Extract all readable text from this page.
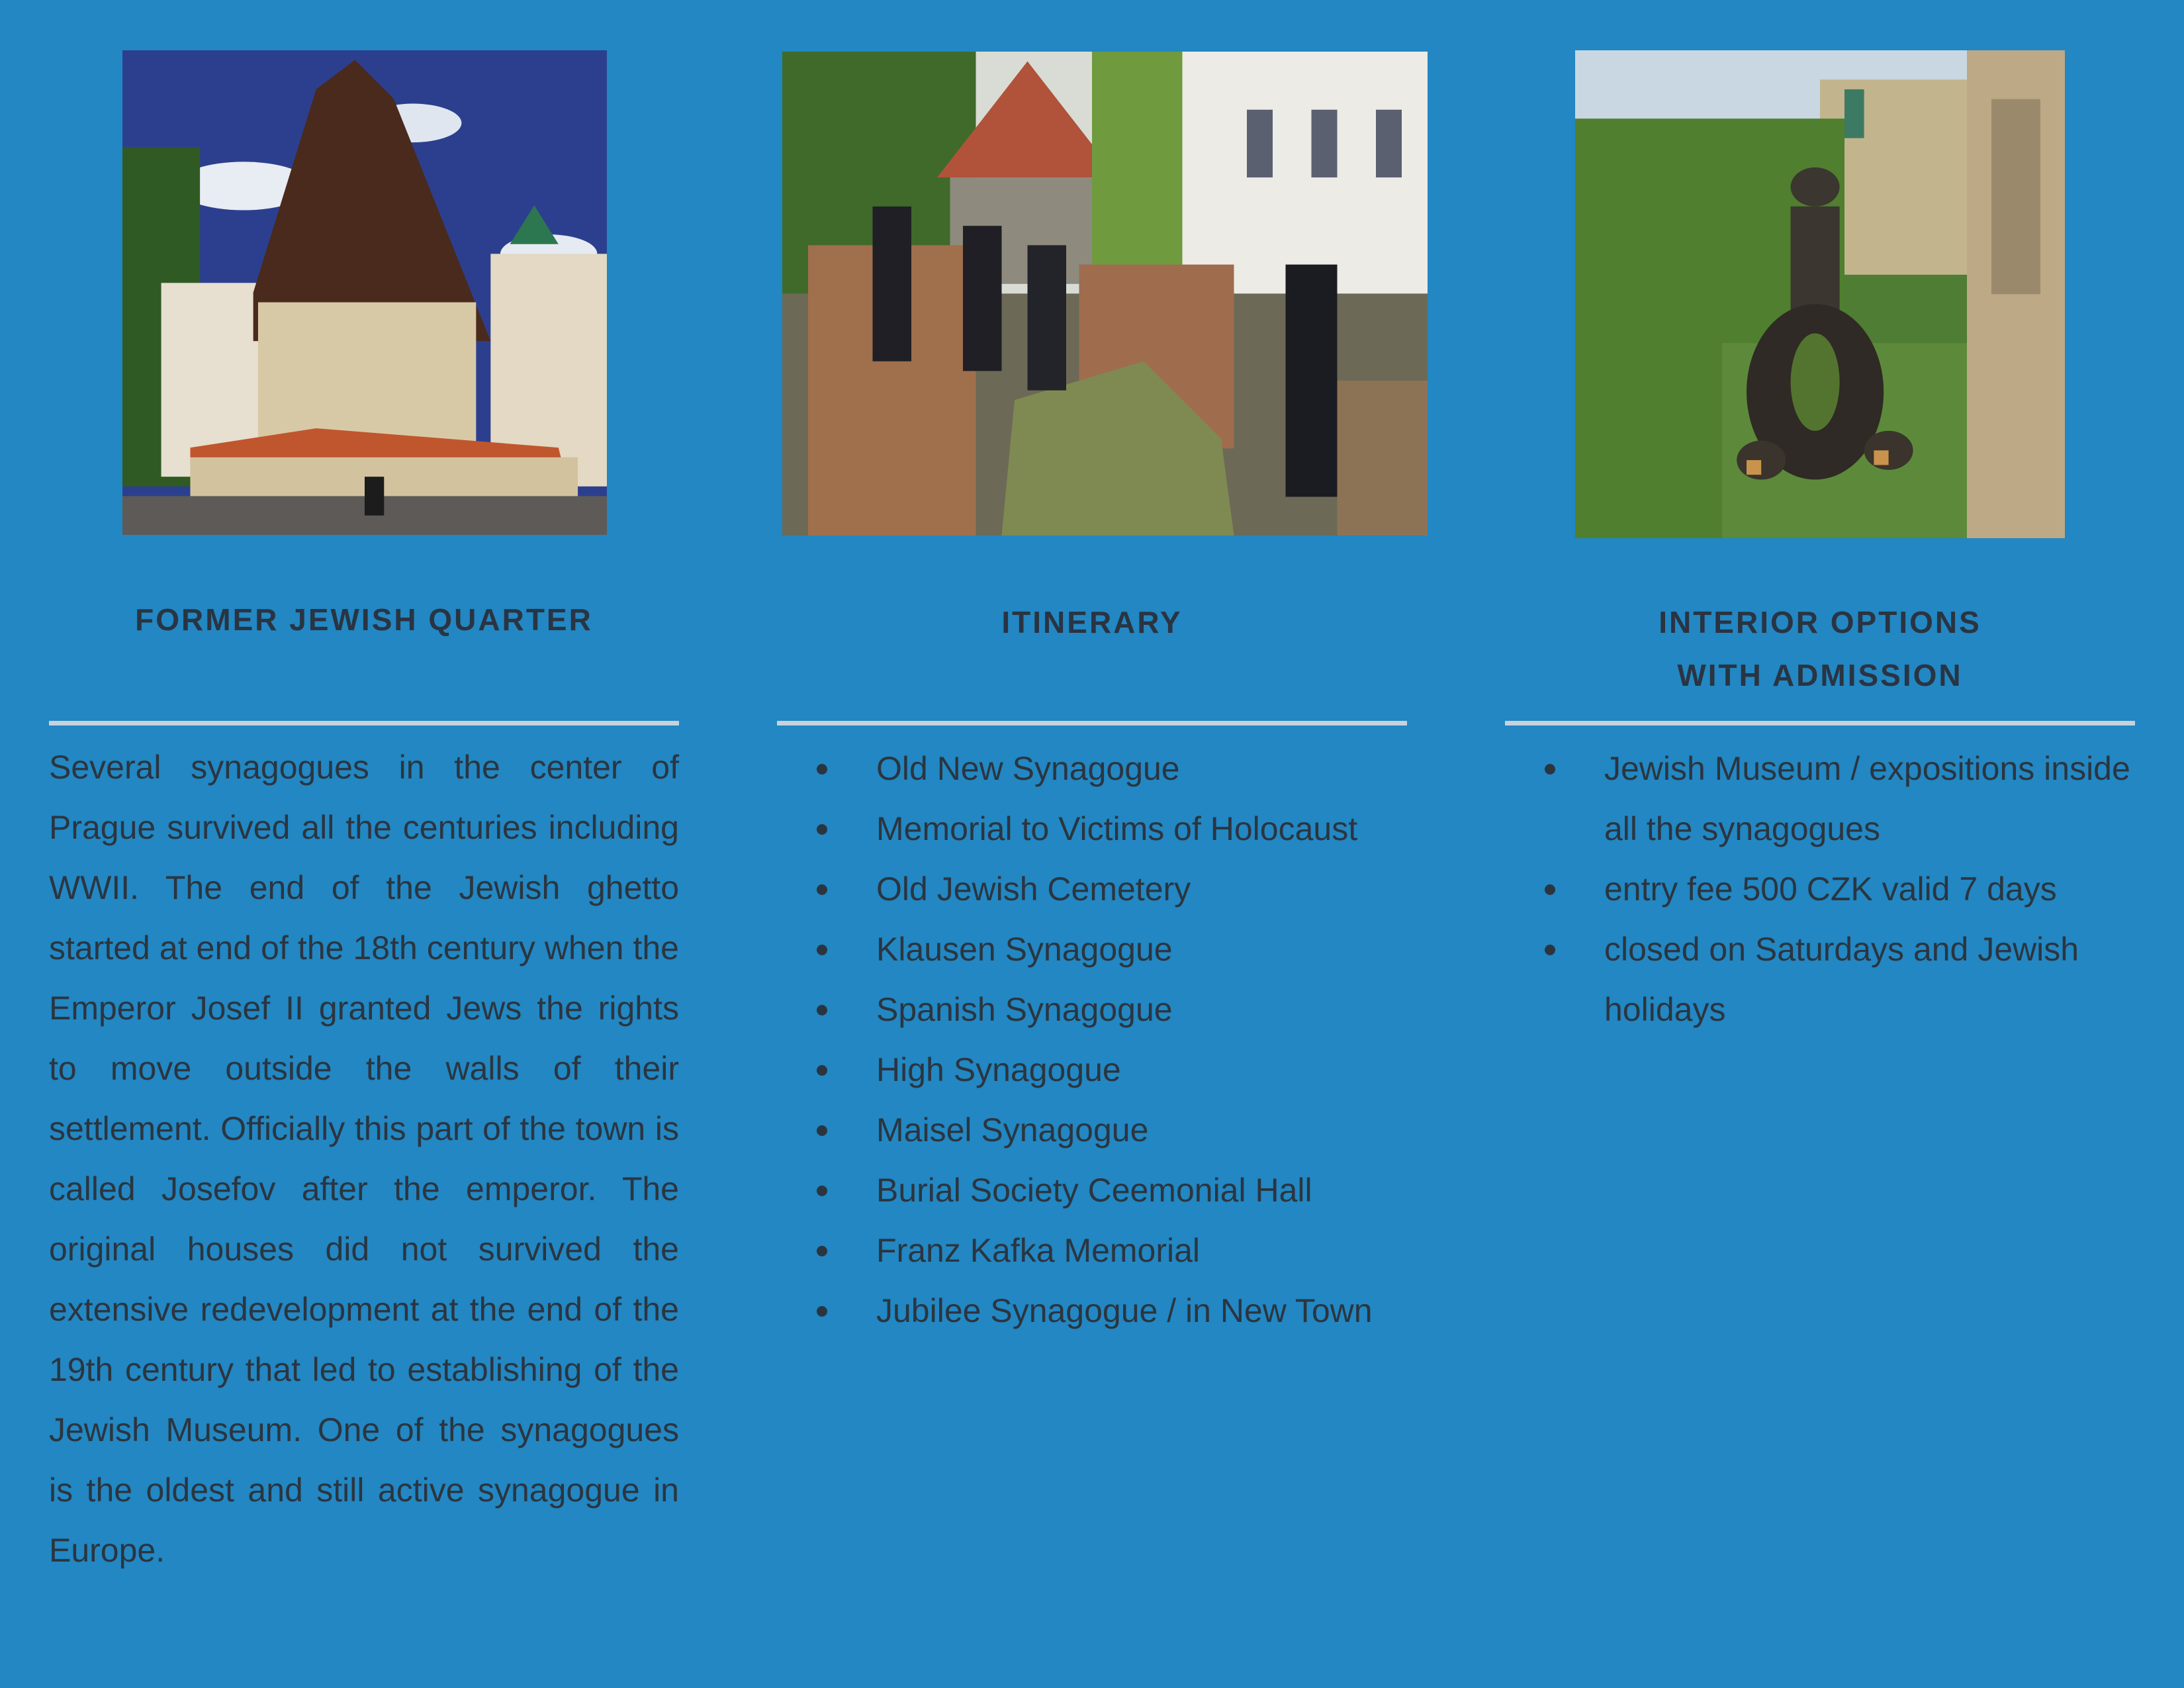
FORMER JEWISH QUARTER	ITINERARY	INTERIOR OPTIONS
WITH ADMISSION

Several synagogues in the center of Prague survived all the centuries including WWII. The end of the Jewish ghetto started at end of the 18th century when the Emperor Josef II granted Jews the rights to move outside the walls of their settlement. Officially this part of the town is called Josefov after the emperor. The original houses did not survived the extensive redevelopment at the end of the 19th century that led to establishing of the Jewish Museum. One of the synagogues is the oldest and still active synagogue in Europe.

Old New Synagogue
Memorial to Victims of Holocaust
Old Jewish Cemetery
Klausen Synagogue
Spanish Synagogue
High Synagogue
Maisel Synagogue
Burial Society Ceemonial Hall
Franz Kafka Memorial
Jubilee Synagogue / in New Town
Jewish Museum / expositions inside all the synagogues
entry fee 500 CZK valid 7 days
closed on Saturdays and Jewish holidays
